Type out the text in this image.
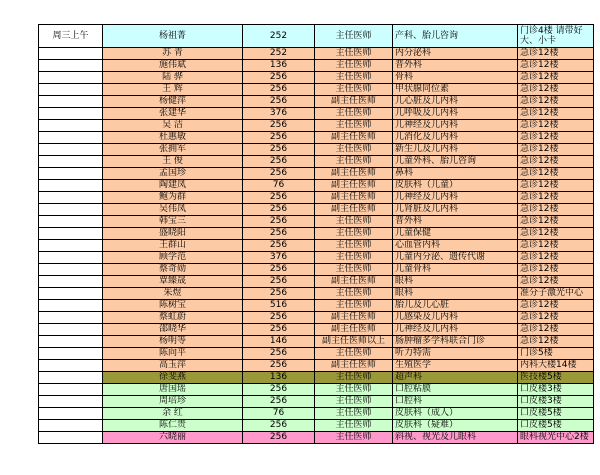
周三上午	杨祖菁	252	主任医师	产科、胎儿咨询	门诊4楼 请带好大、小卡
	苏 青	252	主任医师	内分泌科	急诊12楼
	施伟斌	136	主任医师	普外科	急诊12楼
	陆 骅	256	主任医师	骨科	急诊12楼
	王 辉	256	主任医师	甲状腺同位素	急诊12楼
	杨健萍	256	副主任医师	儿心脏及儿内科	急诊12楼
	张建华	376	主任医师	儿呼吸及儿内科	急诊12楼
	吴 洁	256	主任医师	儿神经及儿内科	急诊12楼
	杜惠敏	256	副主任医师	儿消化及儿内科	急诊12楼
	张拥军	256	主任医师	新生儿及儿内科	急诊12楼
	王 俊	256	主任医师	儿童外科、胎儿咨询	急诊12楼
	孟国珍	256	副主任医师	鼻科	急诊12楼
	陶建凤	76	副主任医师	皮肤科（儿童）	急诊12楼
	鲍为群	256	副主任医师	儿神经及儿内科	急诊12楼
	吴伟凤	256	副主任医师	儿肾脏及儿内科	急诊12楼
	韩宝三	256	主任医师	普外科	急诊12楼
	盛晓阳	256	主任医师	儿童保健	急诊12楼
	王群山	256	主任医师	心血管内科	急诊12楼
	顾学范	376	主任医师	儿童内分泌、遗传代谢	急诊12楼
	蔡奇勋	256	主任医师	儿童骨科	急诊12楼
	覃臻晟	256	副主任医师	眼科	急诊12楼
	朱煜	256	主任医师	眼科	准分子激光中心
	陈树宝	516	主任医师	胎儿及儿心脏	急诊12楼
	蔡虹蔚	256	副主任医师	儿感染及儿内科	急诊12楼
	邵晓华	256	副主任医师	儿神经及儿内科	急诊12楼
	杨明等	146	副主任医师以上	肠肿瘤多学科联合门诊	急诊12楼
	陈向平	256	主任医师	听力特需	门诊5楼
	高玉萍	256	副主任医师	生殖医学	内科大楼14楼
	徐斐燕	136	主任医师	超声科	医技楼5楼
	唐国瑶	256	主任医师	口腔粘膜	口皮楼3楼
	周培珍	256	主任医师	口腔科	口皮楼3楼
	余 红	76	主任医师	皮肤科（成人）	口皮楼5楼
	陈仁贵	256	主任医师	皮肤科（疑难）	口皮楼5楼
	六晓丽	256	主任医师	斜视、视光及儿眼科	眼科视光中心2楼
